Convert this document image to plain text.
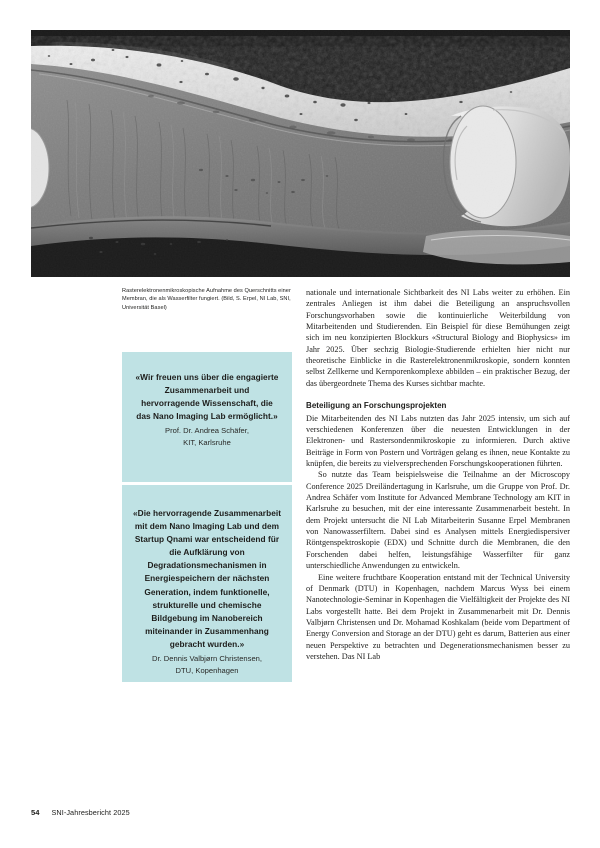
Rasterelektronenmikroskopische Aufnahme des Querschnitts einer Membran, die als Wasserfilter fungiert. (Bild, S. Erpel, NI Lab, SNI, Universität Basel)

«Wir freuen uns über die engagierte Zusammenarbeit und hervorragende Wissenschaft, die das Nano Imaging Lab ermöglicht.»

Prof. Dr. Andrea Schäfer,
KIT, Karlsruhe

«Die hervorragende Zusammenarbeit mit dem Nano Imaging Lab und dem Startup Qnami war entscheidend für die Aufklärung von Degradationsmechanismen in Energiespeichern der nächsten Generation, indem funktionelle, strukturelle und chemische Bildgebung im Nanobereich miteinander in Zusammenhang gebracht wurden.»

Dr. Dennis Valbjørn Christensen,
DTU, Kopenhagen

nationale und internationale Sichtbarkeit des NI Labs weiter zu erhöhen. Ein zentrales Anliegen ist ihm dabei die Beteiligung an anspruchsvollen Forschungsvorhaben sowie die kontinuierliche Weiterbildung von Mitarbeitenden und Studierenden. Ein Beispiel für diese Bemühungen zeigt sich im neu konzipierten Blockkurs «Structural Biology and Biophysics» im Jahr 2025. Über sechzig Biologie-Studierende erhielten hier nicht nur theoretische Einblicke in die Rasterelektronenmikroskopie, sondern konnten selbst Zellkerne und Kernporenkomplexe abbilden – ein praktischer Bezug, der das übergeordnete Thema des Kurses sichtbar machte.

Beteiligung an Forschungsprojekten

Die Mitarbeitenden des NI Labs nutzten das Jahr 2025 intensiv, um sich auf verschiedenen Konferenzen über die neuesten Entwicklungen in der Elektronen- und Rastersondenmikroskopie zu informieren. Durch aktive Beiträge in Form von Postern und Vorträgen gelang es ihnen, neue Kontakte zu knüpfen, die bereits zu vielversprechenden Forschungskooperationen führten.

So nutzte das Team beispielsweise die Teilnahme an der Microscopy Conference 2025 Dreiländertagung in Karlsruhe, um die Gruppe von Prof. Dr. Andrea Schäfer vom Institute for Advanced Membrane Technology am KIT in Karlsruhe zu besuchen, mit der eine interessante Zusammenarbeit besteht. In dem Projekt untersucht die NI Lab Mitarbeiterin Susanne Erpel Membranen von Nanowasserfiltern. Dabei sind es Analysen mittels Energiedispersiver Röntgenspektroskopie (EDX) und Schnitte durch die Membranen, die den Forschenden dabei helfen, leistungsfähige Wasserfilter für ganz unterschiedliche Anwendungen zu entwickeln.

Eine weitere fruchtbare Kooperation entstand mit der Technical University of Denmark (DTU) in Kopenhagen, nachdem Marcus Wyss bei einem Nanotechnologie-Seminar in Kopenhagen die Vielfältigkeit der Projekte des NI Labs vorgestellt hatte. Bei dem Projekt in Zusammenarbeit mit Dr. Dennis Valbjørn Christensen und Dr. Mohamad Koshkalam (beide vom Department of Energy Conversion and Storage an der DTU) geht es darum, Batterien aus einer neuen Perspektive zu betrachten und Degenerationsmechanismen besser zu verstehen. Das NI Lab

54 SNI-Jahresbericht 2025
